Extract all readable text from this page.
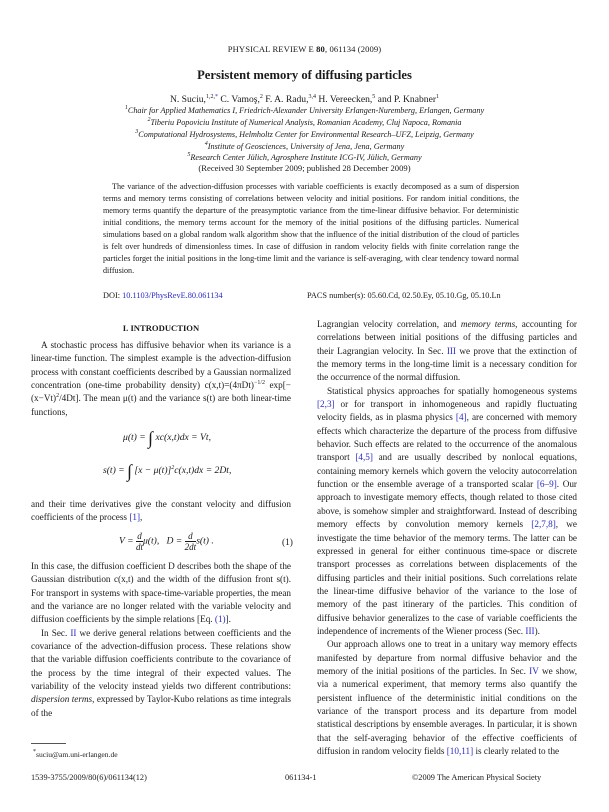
PHYSICAL REVIEW E 80, 061134 (2009)
Persistent memory of diffusing particles
N. Suciu,$^{1,2,*}$ C. Vamoş,$^2$ F. A. Radu,$^{3,4}$ H. Vereecken,$^5$ and P. Knabner$^1$
$^1$Chair for Applied Mathematics I, Friedrich-Alexander University Erlangen-Nuremberg, Erlangen, Germany
$^2$Tiberiu Popoviciu Institute of Numerical Analysis, Romanian Academy, Cluj Napoca, Romania
$^3$Computational Hydrosystems, Helmholtz Center for Environmental Research–UFZ, Leipzig, Germany
$^4$Institute of Geosciences, University of Jena, Jena, Germany
$^5$Research Center Jülich, Agrosphere Institute ICG-IV, Jülich, Germany
(Received 30 September 2009; published 28 December 2009)
The variance of the advection-diffusion processes with variable coefficients is exactly decomposed as a sum of dispersion terms and memory terms consisting of correlations between velocity and initial positions. For random initial conditions, the memory terms quantify the departure of the preasymptotic variance from the time-linear diffusive behavior. For deterministic initial conditions, the memory terms account for the memory of the initial positions of the diffusing particles. Numerical simulations based on a global random walk algorithm show that the influence of the initial distribution of the cloud of particles is felt over hundreds of dimensionless times. In case of diffusion in random velocity fields with finite correlation range the particles forget the initial positions in the long-time limit and the variance is self-averaging, with clear tendency toward normal diffusion.
DOI: 10.1103/PhysRevE.80.061134	PACS number(s): 05.60.Cd, 02.50.Ey, 05.10.Gg, 05.10.Ln
I. INTRODUCTION

A stochastic process has diffusive behavior when its variance is a linear-time function. The simplest example is the advection-diffusion process with constant coefficients described by a Gaussian normalized concentration (one-time probability density) $c(x,t)=(4\pi Dt)^{-1/2}$ $\exp[-(x-Vt)^2/4Dt]$. The mean μ(t) and the variance s(t) are both linear-time functions,

μ(t) = ∫ xc(x,t)dx = Vt,
s(t) = ∫ $[x - \mu(t)]^2c(x,t)dx = 2Dt$,

and their time derivatives give the constant velocity and diffusion coefficients of the process [1],

$V = \frac{d}{dt} \mu(t)$, $D = \frac{d}{2dt} s(t)$ .	(1)

In this case, the diffusion coefficient D describes both the shape of the Gaussian distribution c(x,t) and the width of the diffusion front s(t). For transport in systems with space-time-variable properties, the mean and the variance are no longer related with the variable velocity and diffusion coefficients by the simple relations [Eq. (1)].

In Sec. II we derive general relations between coefficients and the covariance of the advection-diffusion process. These relations show that the variable diffusion coefficients contribute to the covariance of the process by the time integral of their expected values. The variability of the velocity instead yields two different contributions: dispersion terms, expressed by Taylor-Kubo relations as time integrals of the

*suciu@am.uni-erlangen.de

Lagrangian velocity correlation, and memory terms, accounting for correlations between initial positions of the diffusing particles and their Lagrangian velocity. In Sec. III we prove that the extinction of the memory terms in the long-time limit is a necessary condition for the occurrence of the normal diffusion.

Statistical physics approaches for spatially homogeneous systems [2,3] or for transport in inhomogeneous and rapidly fluctuating velocity fields, as in plasma physics [4], are concerned with memory effects which characterize the departure of the process from diffusive behavior. Such effects are related to the occurrence of the anomalous transport [4,5] and are usually described by nonlocal equations, containing memory kernels which govern the velocity autocorrelation function or the ensemble average of a transported scalar [6–9]. Our approach to investigate memory effects, though related to those cited above, is somehow simpler and straightforward. Instead of describing memory effects by convolution memory kernels [2,7,8], we investigate the time behavior of the memory terms. The latter can be expressed in general for either continuous time-space or discrete transport processes as correlations between displacements of the diffusing particles and their initial positions. Such correlations relate the linear-time diffusive behavior of the variance to the lose of memory of the past itinerary of the particles. This condition of diffusive behavior generalizes to the case of variable coefficients the independence of increments of the Wiener process (Sec. III).

Our approach allows one to treat in a unitary way memory effects manifested by departure from normal diffusive behavior and the memory of the initial positions of the particles. In Sec. IV we show, via a numerical experiment, that memory terms also quantify the persistent influence of the deterministic initial conditions on the variance of the transport process and its departure from model statistical descriptions by ensemble averages. In particular, it is shown that the self-averaging behavior of the effective coefficients of diffusion in random velocity fields [10,11] is clearly related to the

1539-3755/2009/80(6)/061134(12)	061134-1	©2009 The American Physical Society
